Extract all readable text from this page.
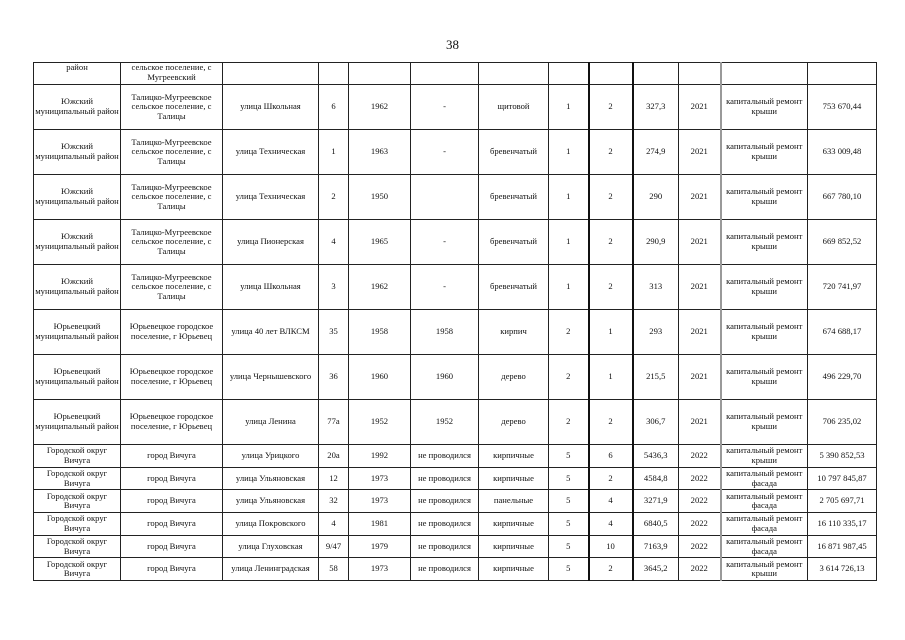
38
район	сельское поселение, с Мугреевский											
Южский муниципальный район	Талицко-Мугреевское сельское поселение, с Талицы	улица Школьная	6	1962	-	щитовой	1	2	327,3	2021	капитальный ремонт крыши	753 670,44
Южский муниципальный район	Талицко-Мугреевское сельское поселение, с Талицы	улица Техническая	1	1963	-	бревенчатый	1	2	274,9	2021	капитальный ремонт крыши	633 009,48
Южский муниципальный район	Талицко-Мугреевское сельское поселение, с Талицы	улица Техническая	2	1950		бревенчатый	1	2	290	2021	капитальный ремонт крыши	667 780,10
Южский муниципальный район	Талицко-Мугреевское сельское поселение, с Талицы	улица Пионерская	4	1965	-	бревенчатый	1	2	290,9	2021	капитальный ремонт крыши	669 852,52
Южский муниципальный район	Талицко-Мугреевское сельское поселение, с Талицы	улица Школьная	3	1962	-	бревенчатый	1	2	313	2021	капитальный ремонт крыши	720 741,97
Юрьевецкий муниципальный район	Юрьевецкое городское поселение, г Юрьевец	улица 40 лет ВЛКСМ	35	1958	1958	кирпич	2	1	293	2021	капитальный ремонт крыши	674 688,17
Юрьевецкий муниципальный район	Юрьевецкое городское поселение, г Юрьевец	улица Чернышевского	36	1960	1960	дерево	2	1	215,5	2021	капитальный ремонт крыши	496 229,70
Юрьевецкий муниципальный район	Юрьевецкое городское поселение, г Юрьевец	улица Ленина	77а	1952	1952	дерево	2	2	306,7	2021	капитальный ремонт крыши	706 235,02
Городской округ Вичуга	город Вичуга	улица Урицкого	20а	1992	не проводился	кирпичные	5	6	5436,3	2022	капитальный ремонт крыши	5 390 852,53
Городской округ Вичуга	город Вичуга	улица Ульяновская	12	1973	не проводился	кирпичные	5	2	4584,8	2022	капитальный ремонт фасада	10 797 845,87
Городской округ Вичуга	город Вичуга	улица Ульяновская	32	1973	не проводился	панельные	5	4	3271,9	2022	капитальный ремонт фасада	2 705 697,71
Городской округ Вичуга	город Вичуга	улица Покровского	4	1981	не проводился	кирпичные	5	4	6840,5	2022	капитальный ремонт фасада	16 110 335,17
Городской округ Вичуга	город Вичуга	улица Глуховская	9/47	1979	не проводился	кирпичные	5	10	7163,9	2022	капитальный ремонт фасада	16 871 987,45
Городской округ Вичуга	город Вичуга	улица Ленинградская	58	1973	не проводился	кирпичные	5	2	3645,2	2022	капитальный ремонт крыши	3 614 726,13
